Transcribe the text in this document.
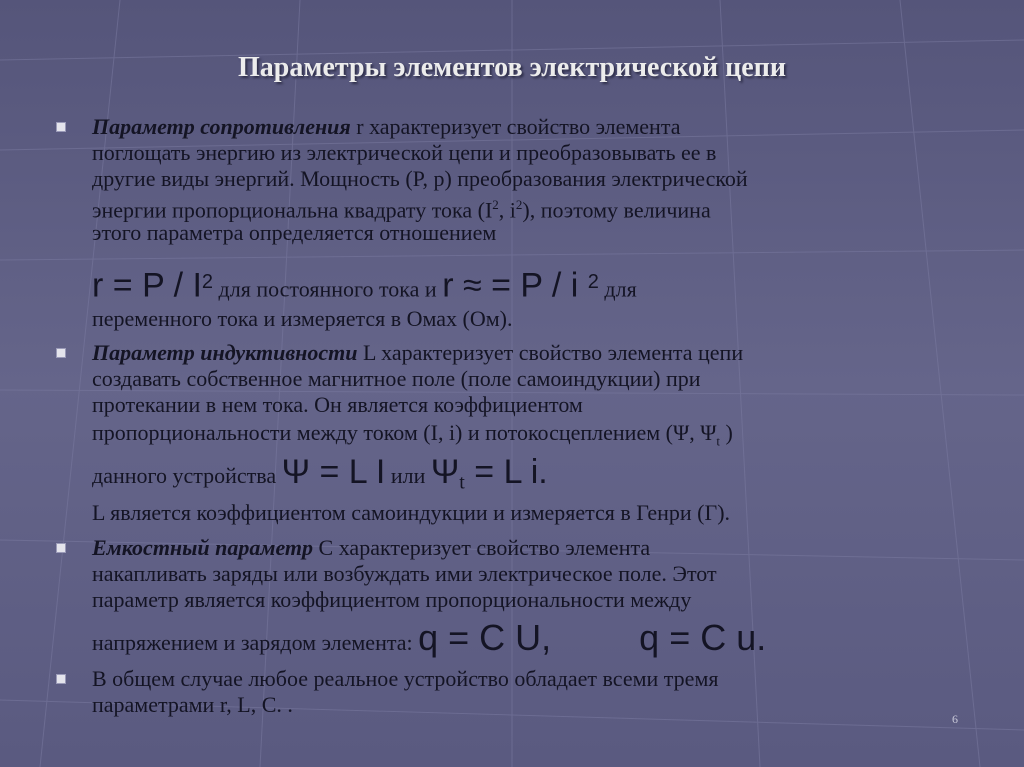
Параметры элементов электрической цепи
Параметр сопротивления r характеризует свойство элемента
поглощать энергию из электрической цепи и преобразовывать ее в
другие виды энергий. Мощность (P, p) преобразования электрической
энергии пропорциональна квадрату тока ($I^2$, $i^2$), поэтому величина
этого параметра определяется отношением
$r = P / I^2$ для постоянного тока и r ≈ = P / i $^2$ для
переменного тока и измеряется в Омах (Ом).
Параметр индуктивности L характеризует свойство элемента цепи
создавать собственное магнитное поле (поле самоиндукции) при
протекании в нем тока. Он является коэффициентом
пропорциональности между током (I, i) и потокосцеплением (Ψ, $\Psi_t$ )
данного устройства Ψ = L I или $\Psi_t = L$ i.
L является коэффициентом самоиндукции и измеряется в Генри (Г).
Емкостный параметр С характеризует свойство элемента
накапливать заряды или возбуждать ими электрическое поле. Этот
параметр является коэффициентом пропорциональности между
напряжением и зарядом элемента: q = C U, q = C u.
В общем случае любое реальное устройство обладает всеми тремя
параметрами r, L, C. .
6
